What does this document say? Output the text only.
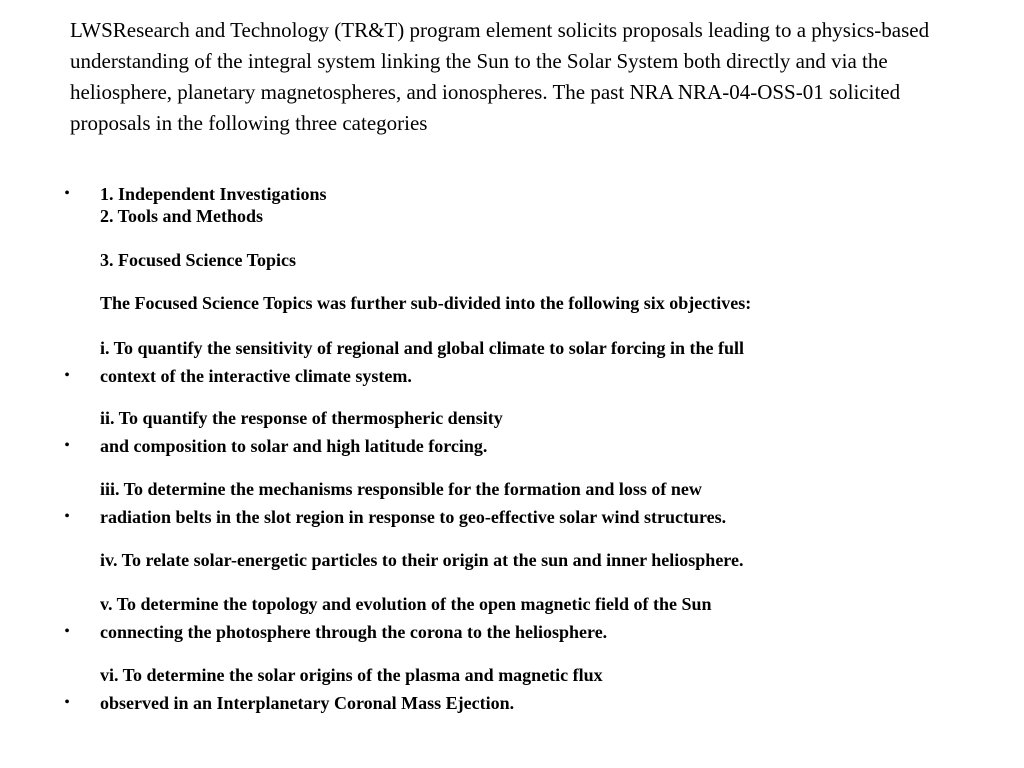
LWSResearch and Technology (TR&T) program element solicits proposals leading to a physics-based understanding of the integral system linking the Sun to the Solar System both directly and via the heliosphere, planetary magnetospheres, and ionospheres. The past NRA NRA-04-OSS-01 solicited proposals in the following three categories

•
•
•
•
•
•
1. Independent Investigations
2. Tools and Methods
3. Focused Science Topics
The Focused Science Topics was further sub-divided into the following six objectives:
i. To quantify the sensitivity of regional and global climate to solar forcing in the full
context of the interactive climate system.
ii. To quantify the response of thermospheric density
and composition to solar and high latitude forcing.
iii. To determine the mechanisms responsible for the formation and loss of new
radiation belts in the slot region in response to geo-effective solar wind structures.
iv. To relate solar-energetic particles to their origin at the sun and inner heliosphere.
v. To determine the topology and evolution of the open magnetic field of the Sun
connecting the photosphere through the corona to the heliosphere.
vi. To determine the solar origins of the plasma and magnetic flux
observed in an Interplanetary Coronal Mass Ejection.
